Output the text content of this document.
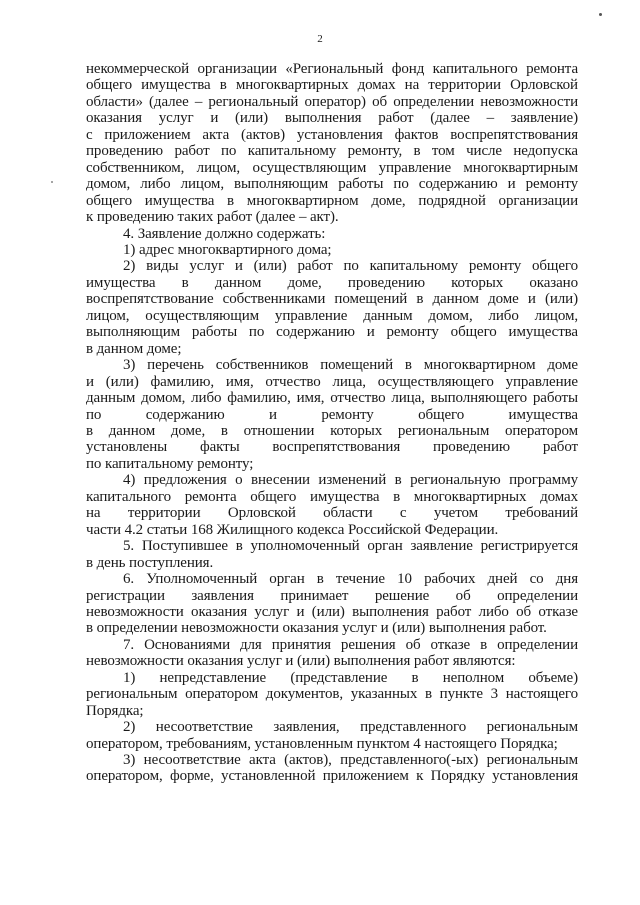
2

некоммерческой организации «Региональный фонд капитального ремонта

общего имущества в многоквартирных домах на территории Орловской

области» (далее – региональный оператор) об определении невозможности

оказания услуг и (или) выполнения работ (далее – заявление)

с приложением акта (актов) установления фактов воспрепятствования

проведению работ по капитальному ремонту, в том числе недопуска

собственником, лицом, осуществляющим управление многоквартирным

домом, либо лицом, выполняющим работы по содержанию и ремонту

общего имущества в многоквартирном доме, подрядной организации

к проведению таких работ (далее – акт).

4. Заявление должно содержать:

1) адрес многоквартирного дома;

2) виды услуг и (или) работ по капитальному ремонту общего

имущества в данном доме, проведению которых оказано

воспрепятствование собственниками помещений в данном доме и (или)

лицом, осуществляющим управление данным домом, либо лицом,

выполняющим работы по содержанию и ремонту общего имущества

в данном доме;

3) перечень собственников помещений в многоквартирном доме

и (или) фамилию, имя, отчество лица, осуществляющего управление

данным домом, либо фамилию, имя, отчество лица, выполняющего работы

по содержанию и ремонту общего имущества

в данном доме, в отношении которых региональным оператором

установлены факты воспрепятствования проведению работ

по капитальному ремонту;

4) предложения о внесении изменений в региональную программу

капитального ремонта общего имущества в многоквартирных домах

на территории Орловской области с учетом требований

части 4.2 статьи 168 Жилищного кодекса Российской Федерации.

5. Поступившее в уполномоченный орган заявление регистрируется

в день поступления.

6. Уполномоченный орган в течение 10 рабочих дней со дня

регистрации заявления принимает решение об определении

невозможности оказания услуг и (или) выполнения работ либо об отказе

в определении невозможности оказания услуг и (или) выполнения работ.

7. Основаниями для принятия решения об отказе в определении

невозможности оказания услуг и (или) выполнения работ являются:

1) непредставление (представление в неполном объеме)

региональным оператором документов, указанных в пункте 3 настоящего

Порядка;

2) несоответствие заявления, представленного региональным

оператором, требованиям, установленным пунктом 4 настоящего Порядка;

3) несоответствие акта (актов), представленного(-ых) региональным

оператором, форме, установленной приложением к Порядку установления
